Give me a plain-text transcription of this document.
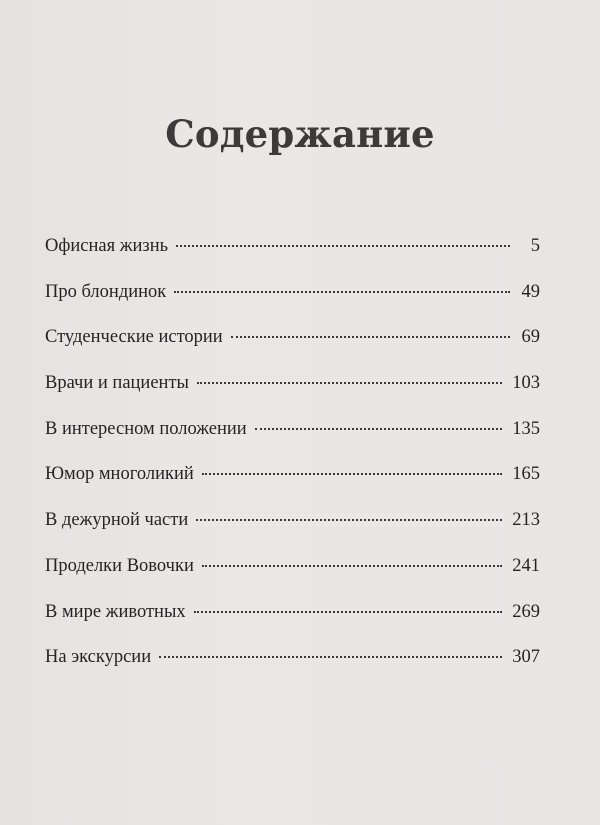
Содержание
Офисная жизнь	5
Про блондинок	49
Студенческие истории	69
Врачи и пациенты	103
В интересном положении	135
Юмор многоликий	165
В дежурной части	213
Проделки Вовочки	241
В мире животных	269
На экскурсии	307
